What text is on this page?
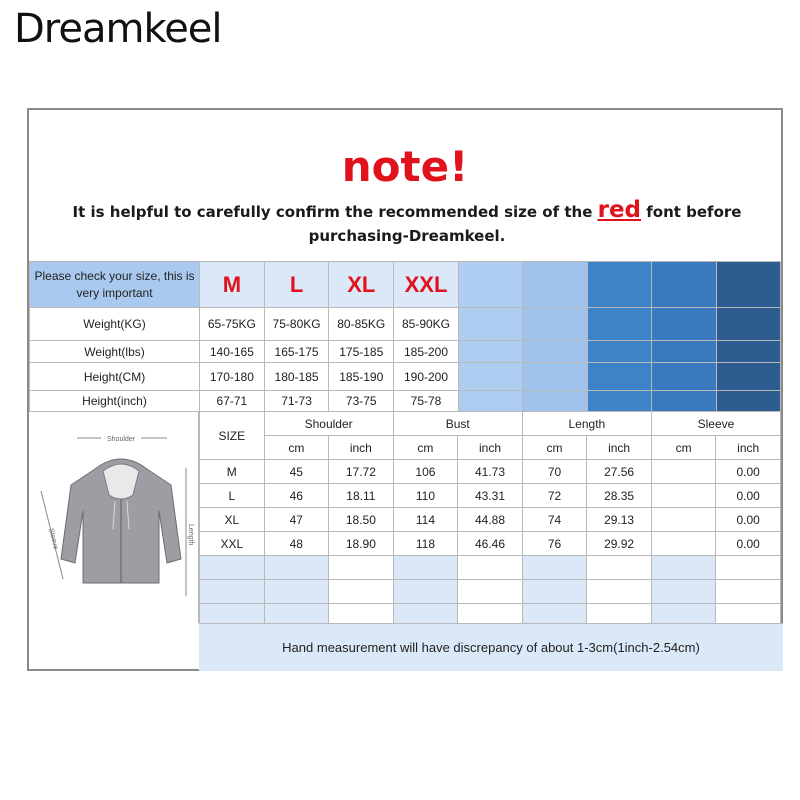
Dreamkeel
note!
It is helpful to carefully confirm the recommended size of the red font before purchasing-Dreamkeel.
Please check your size, this is very important	M	L	XL	XXL					
Weight(KG)	65-75KG	75-80KG	80-85KG	85-90KG					
Weight(lbs)	140-165	165-175	175-185	185-200					
Height(CM)	170-180	180-185	185-190	190-200					
Height(inch)	67-71	71-73	73-75	75-78					
Shoulder
Length
Sleeve
SIZE	Shoulder		Bust		Length		Sleeve	
	cm	inch	cm	inch	cm	inch	cm	inch
M	45	17.72	106	41.73	70	27.56		0.00
L	46	18.11	110	43.31	72	28.35		0.00
XL	47	18.50	114	44.88	74	29.13		0.00
XXL	48	18.90	118	46.46	76	29.92		0.00

Hand measurement will have discrepancy of about 1-3cm(1inch-2.54cm)
